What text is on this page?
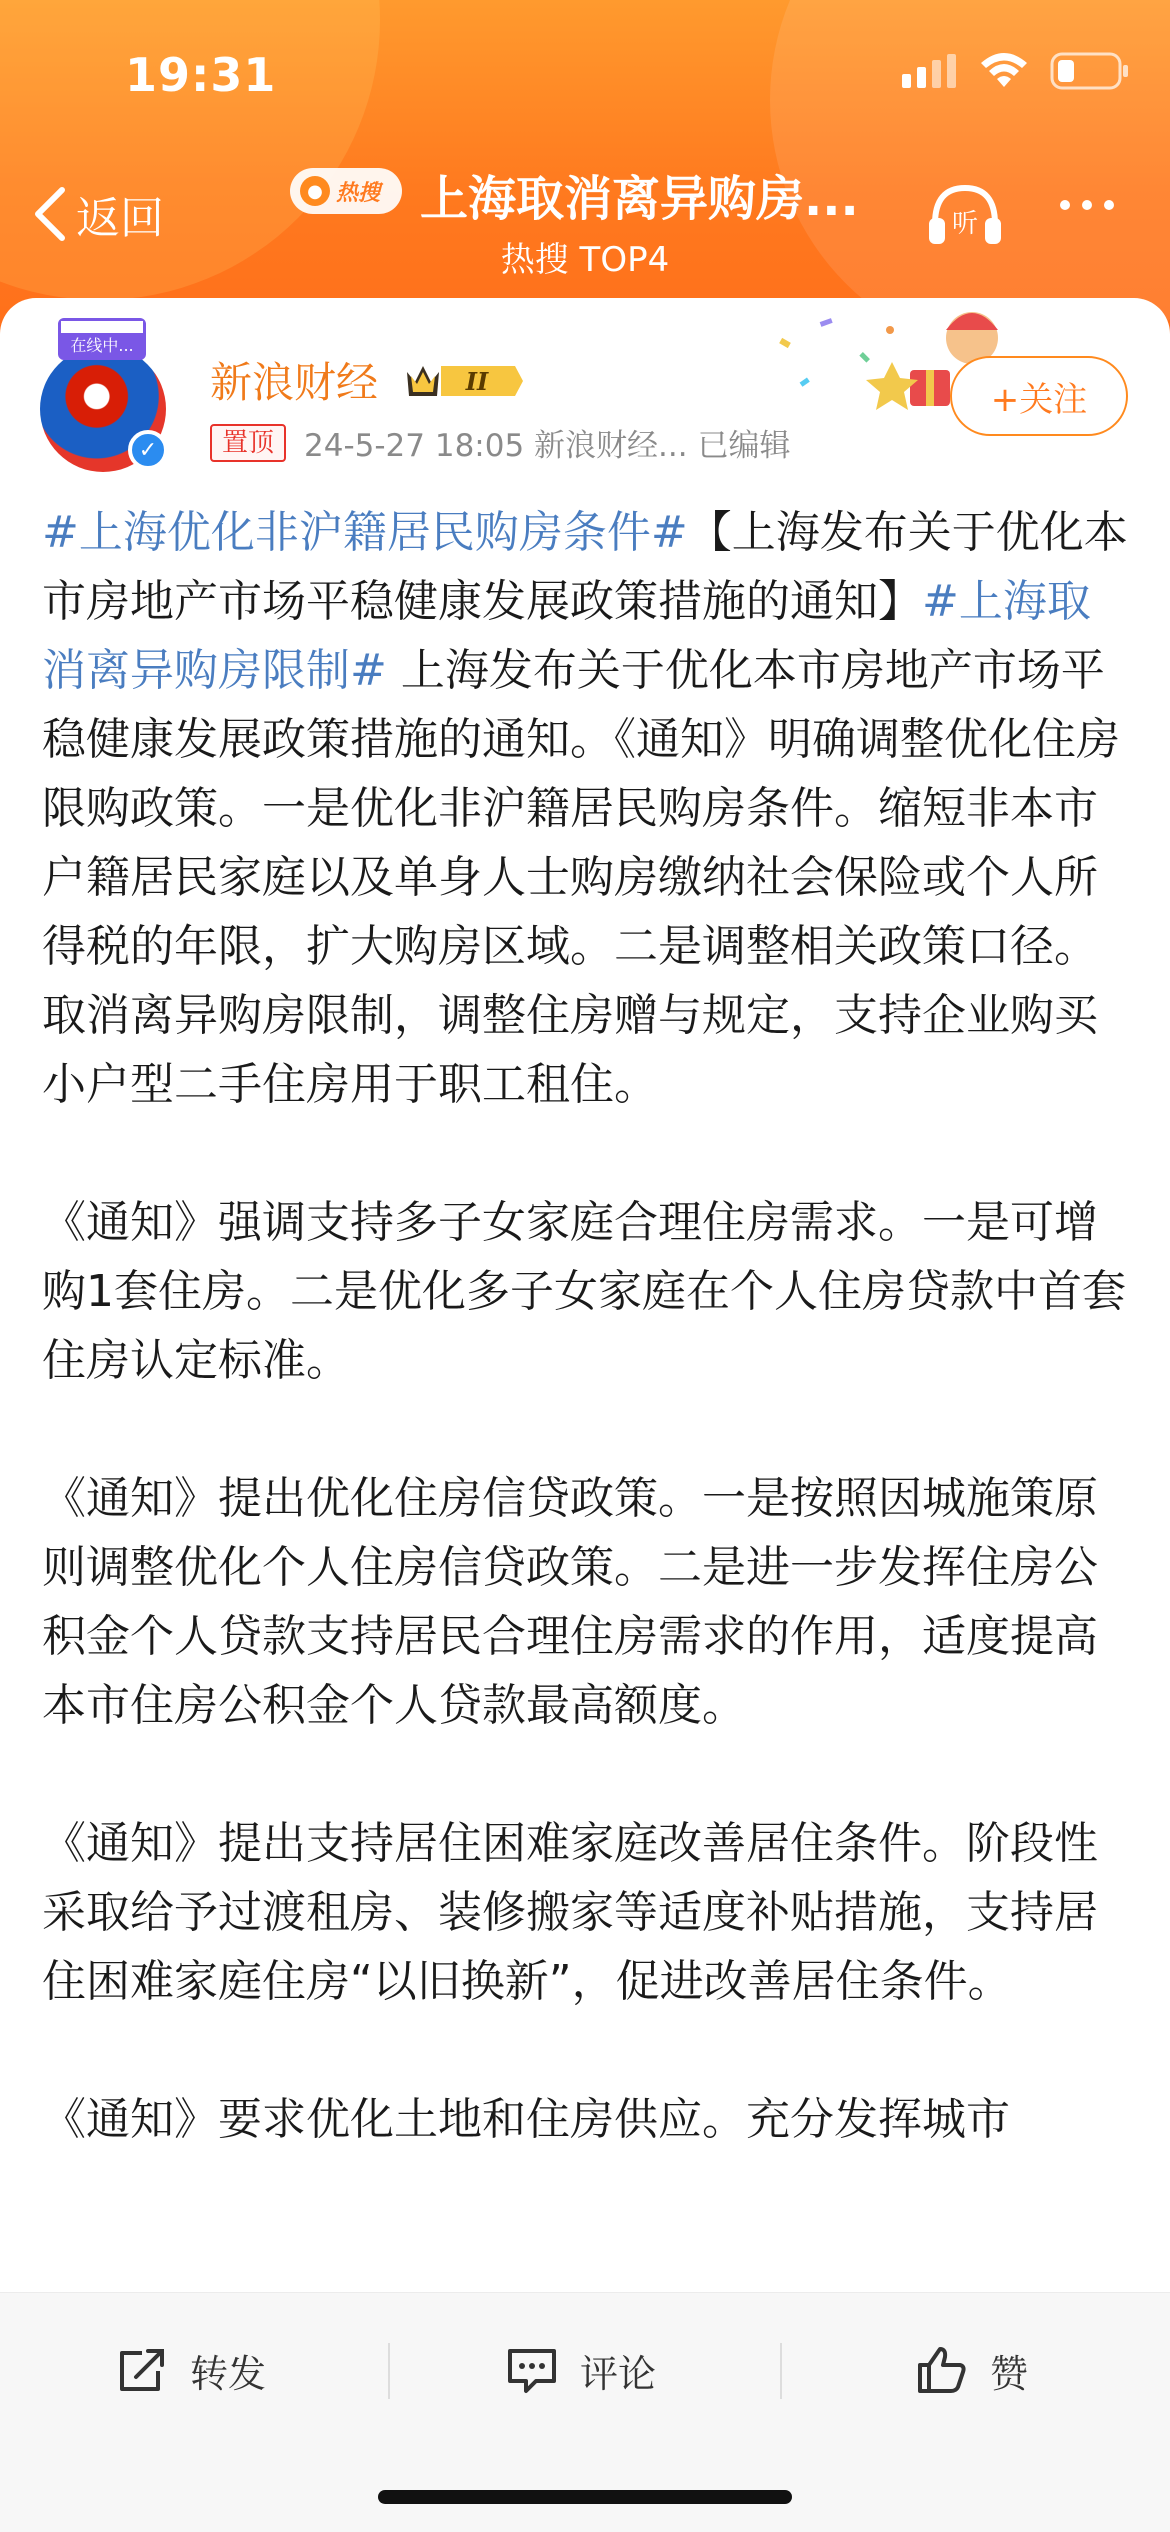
19:31
返回
● 热搜 上海取消离异购房...
热搜 TOP4
听
在线中...
✓
新浪财经	II
置顶 24-5-27 18:05 新浪财经... 已编辑
+关注

#上海优化非沪籍居民购房条件#【上海发布关于优化本市房地产市场平稳健康发展政策措施的通知】#上海取消离异购房限制# 上海发布关于优化本市房地产市场平稳健康发展政策措施的通知。《通知》明确调整优化住房限购政策。一是优化非沪籍居民购房条件。缩短非本市户籍居民家庭以及单身人士购房缴纳社会保险或个人所得税的年限，扩大购房区域。二是调整相关政策口径。取消离异购房限制，调整住房赠与规定，支持企业购买小户型二手住房用于职工租住。

《通知》强调支持多子女家庭合理住房需求。一是可增购1套住房。二是优化多子女家庭在个人住房贷款中首套住房认定标准。

《通知》提出优化住房信贷政策。一是按照因城施策原则调整优化个人住房信贷政策。二是进一步发挥住房公积金个人贷款支持居民合理住房需求的作用，适度提高本市住房公积金个人贷款最高额度。

《通知》提出支持居住困难家庭改善居住条件。阶段性采取给予过渡租房、装修搬家等适度补贴措施，支持居住困难家庭住房“以旧换新”，促进改善居住条件。

《通知》要求优化土地和住房供应。充分发挥城市

转发	评论	赞
